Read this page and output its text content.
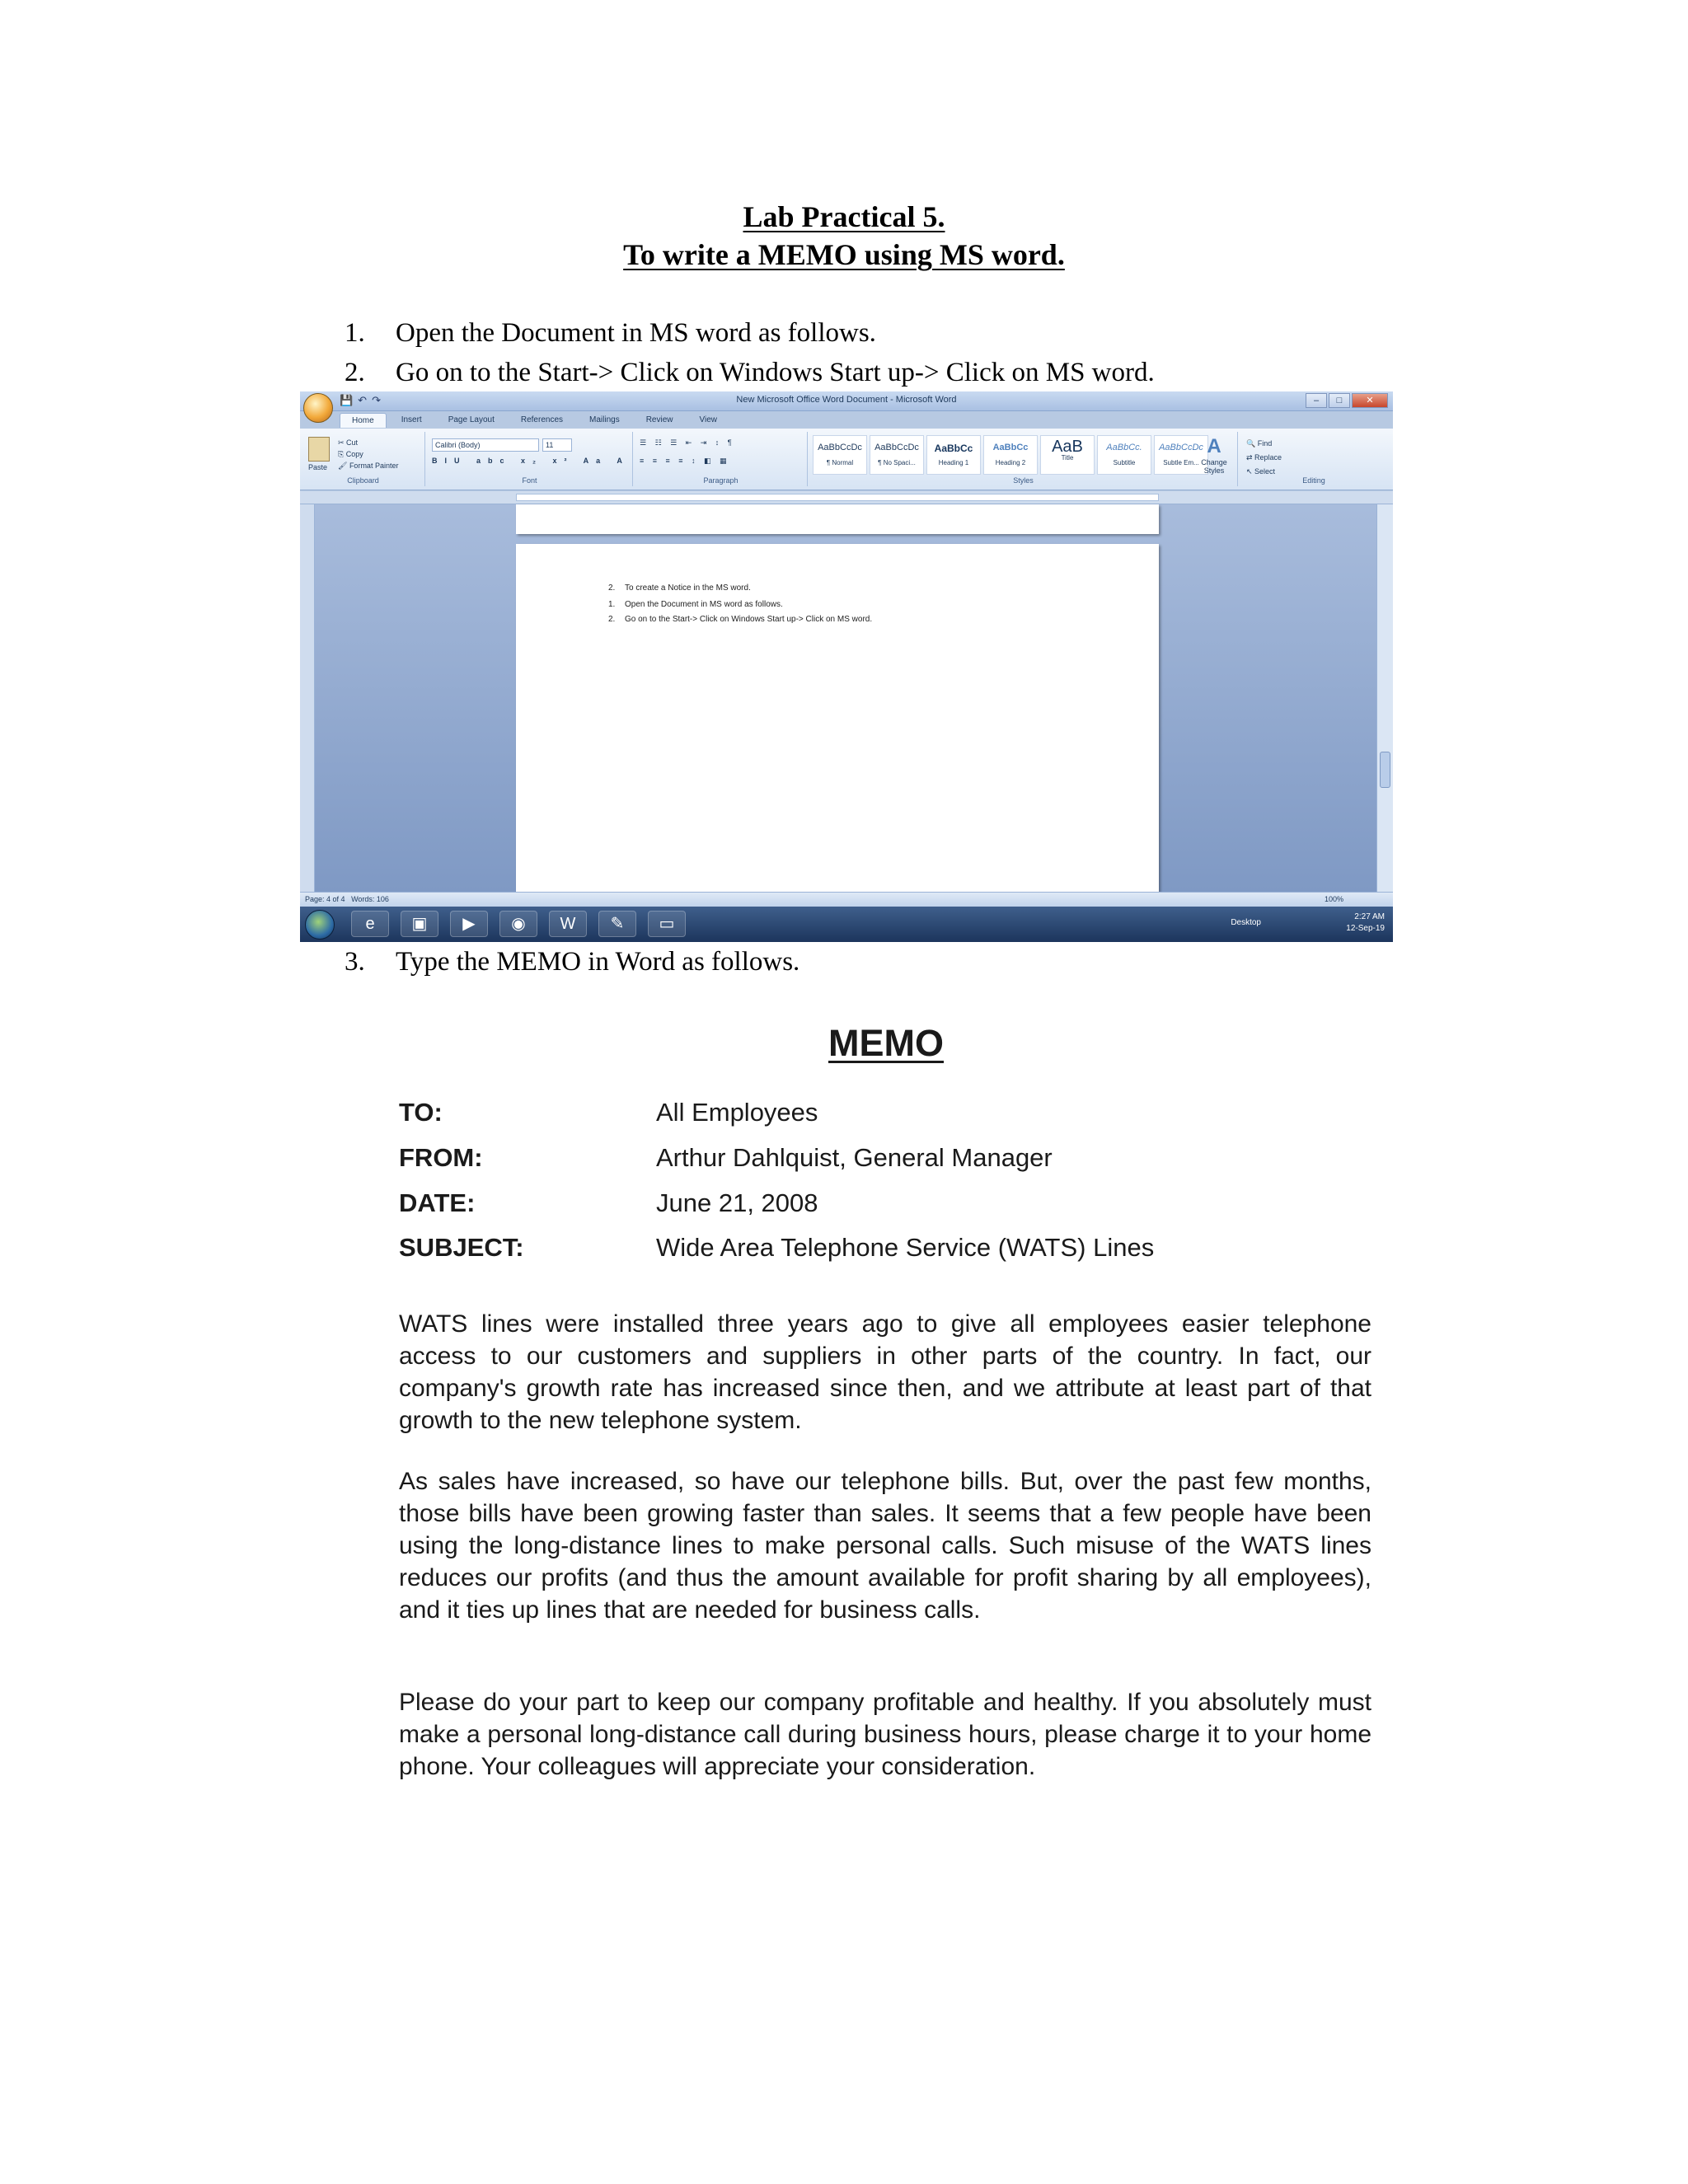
Lab Practical 5.
To write a MEMO using MS word.
1. Open the Document in MS word as follows.
2. Go on to the Start-> Click on Windows Start up-> Click on MS word.
💾↶↷	New Microsoft Office Word Document - Microsoft Word	–	□	✕
Home	Insert	Page Layout	References	Mailings	Review	View
Paste
✂ Cut
⎘ Copy
🖌 Format Painter
Clipboard
Calibri (Body)	11
BIU abc x₂ x² Aa A
Font
☰ ☷ ☰ ⇤ ⇥ ↕ ¶
≡ ≡ ≡ ≡ ↕ ◧ ▦
Paragraph
AaBbCcDc
¶ Normal
AaBbCcDc
¶ No Spaci...
AaBbCc
Heading 1
AaBbCc
Heading 2
AaB
Title
AaBbCc.
Subtitle
AaBbCcDc
Subtle Em...
A
Change Styles
Styles
🔍 Find
⇄ Replace
↖ Select
Editing
2. To create a Notice in the MS word.
1. Open the Document in MS word as follows.
2. Go on to the Start-> Click on Windows Start up-> Click on MS word.
Page: 4 of 4 Words: 106	100%
e	▣	▶	◉	W	✎	▭	Desktop
2:27 AM
12-Sep-19
3. Type the MEMO in Word as follows.
MEMO
TO:	All Employees
FROM:	Arthur Dahlquist, General Manager
DATE:	June 21, 2008
SUBJECT:	Wide Area Telephone Service (WATS) Lines

WATS lines were installed three years ago to give all employees easier telephone access to our customers and suppliers in other parts of the country. In fact, our company's growth rate has increased since then, and we attribute at least part of that growth to the new telephone system.

As sales have increased, so have our telephone bills. But, over the past few months, those bills have been growing faster than sales. It seems that a few people have been using the long-distance lines to make personal calls. Such misuse of the WATS lines reduces our profits (and thus the amount available for profit sharing by all employees), and it ties up lines that are needed for business calls.

Please do your part to keep our company profitable and healthy. If you absolutely must make a personal long-distance call during business hours, please charge it to your home phone. Your colleagues will appreciate your consideration.
